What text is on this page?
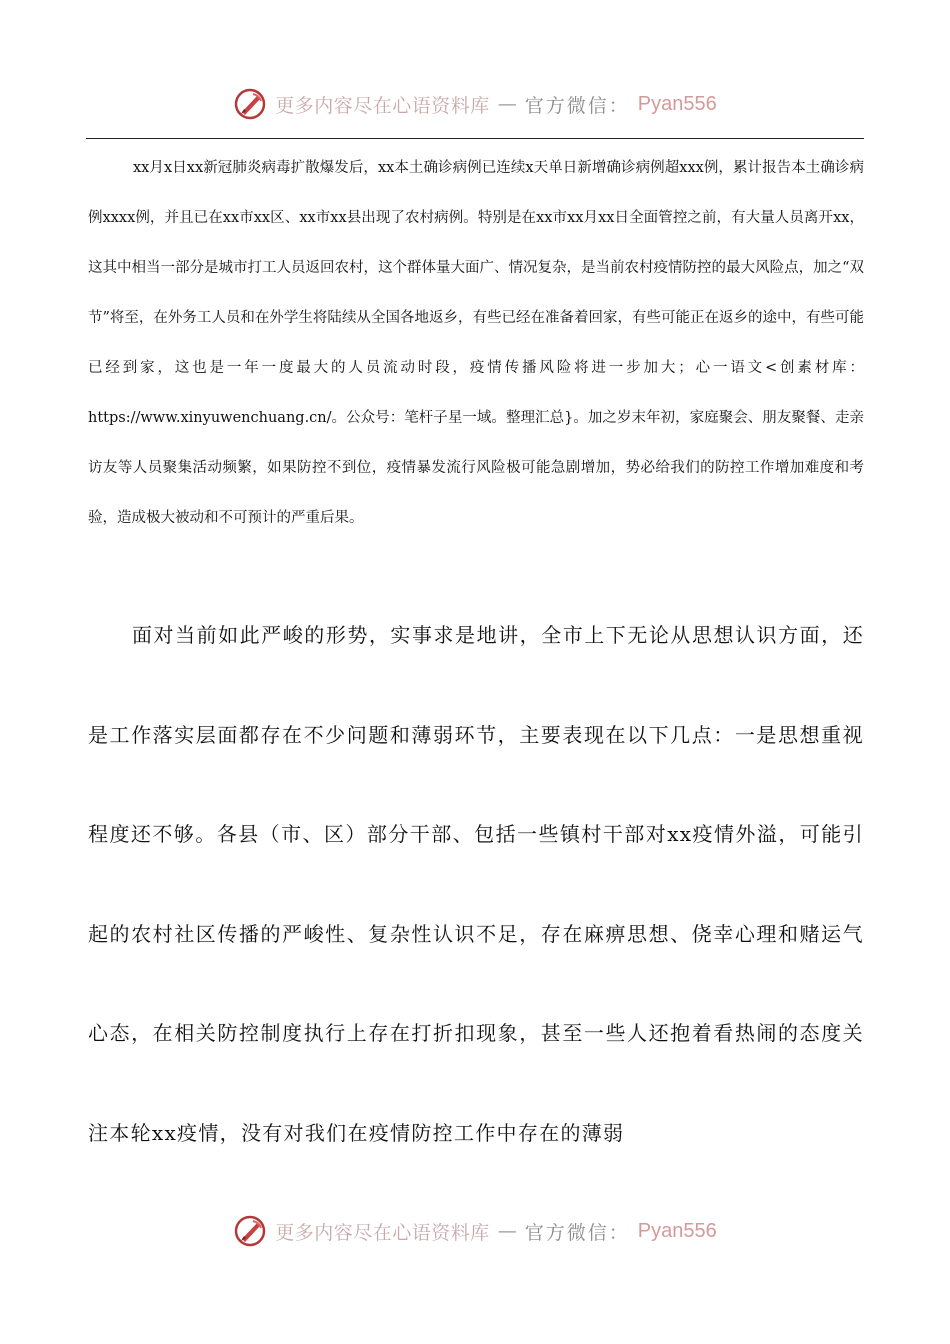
更多内容尽在心语资料库 — 官方微信： Pyan556

xx月x日xx新冠肺炎病毒扩散爆发后，xx本土确诊病例已连续x天单日新增确诊病例超xxx例，累计报告本土确诊病例xxxx例，并且已在xx市xx区、xx市xx县出现了农村病例。特别是在xx市xx月xx日全面管控之前，有大量人员离开xx，这其中相当一部分是城市打工人员返回农村，这个群体量大面广、情况复杂，是当前农村疫情防控的最大风险点，加之“双节”将至，在外务工人员和在外学生将陆续从全国各地返乡，有些已经在准备着回家，有些可能正在返乡的途中，有些可能已经到家，这也是一年一度最大的人员流动时段，疫情传播风险将进一步加大；心一语文<创素材库：https://www.xinyuwenchuang.cn/。公众号：笔杆子星一域。整理汇总}。加之岁末年初，家庭聚会、朋友聚餐、走亲访友等人员聚集活动频繁，如果防控不到位，疫情暴发流行风险极可能急剧增加，势必给我们的防控工作增加难度和考验，造成极大被动和不可预计的严重后果。

面对当前如此严峻的形势，实事求是地讲，全市上下无论从思想认识方面，还是工作落实层面都存在不少问题和薄弱环节，主要表现在以下几点：一是思想重视程度还不够。各县（市、区）部分干部、包括一些镇村干部对xx疫情外溢，可能引起的农村社区传播的严峻性、复杂性认识不足，存在麻痹思想、侥幸心理和赌运气心态，在相关防控制度执行上存在打折扣现象，甚至一些人还抱着看热闹的态度关注本轮xx疫情，没有对我们在疫情防控工作中存在的薄弱

更多内容尽在心语资料库 — 官方微信： Pyan556
